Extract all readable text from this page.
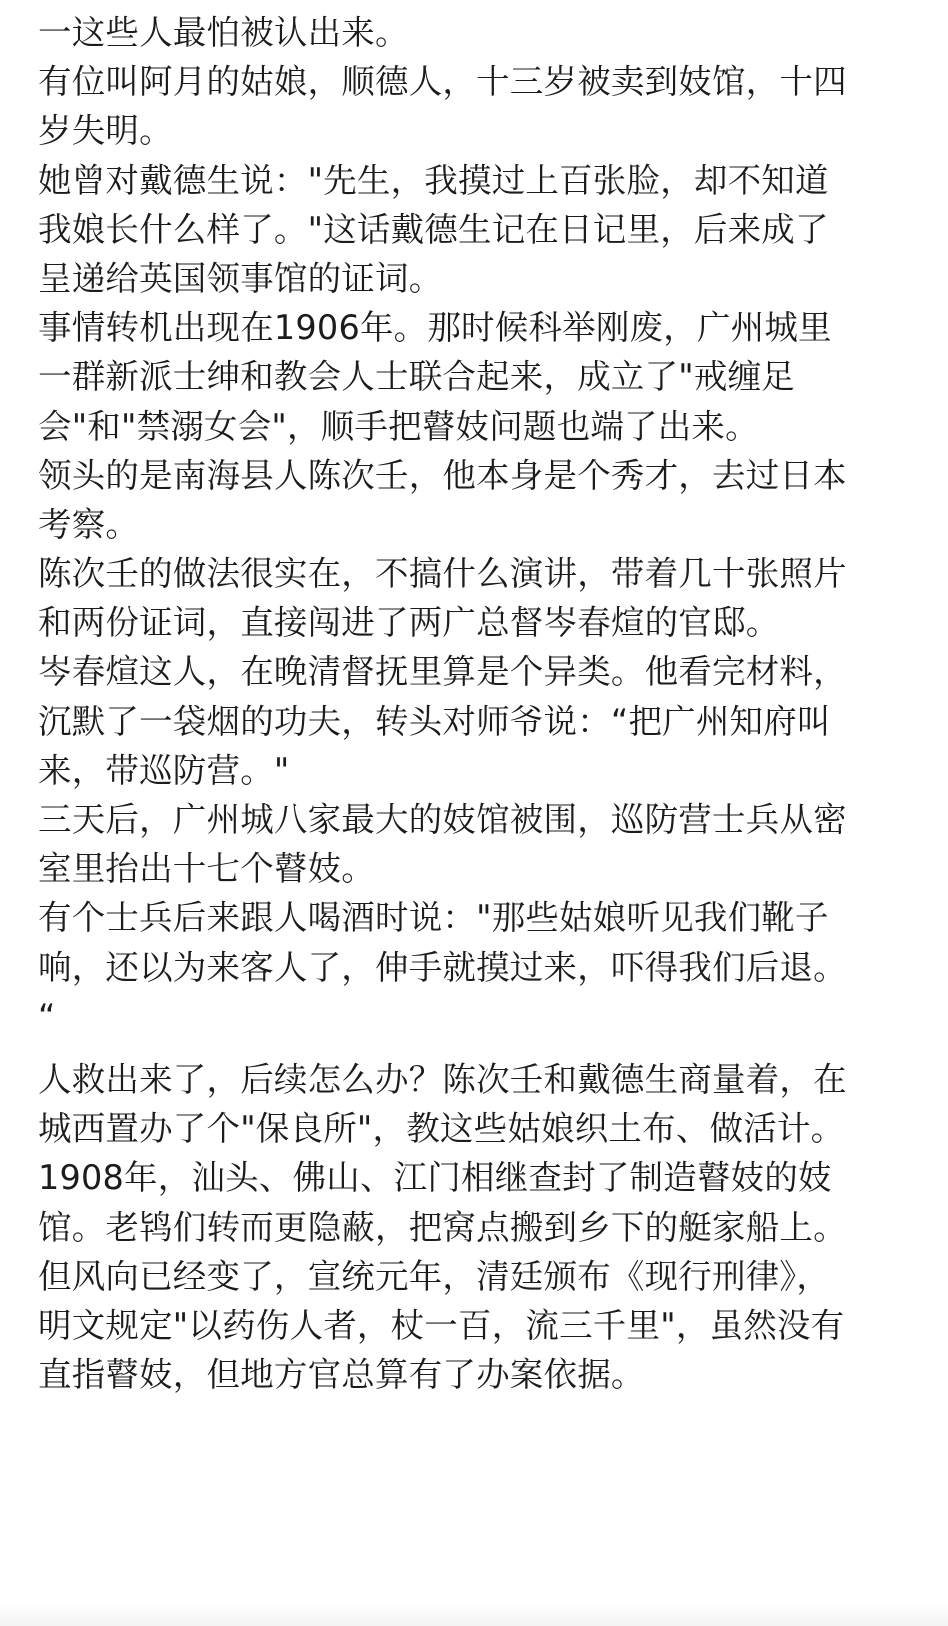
一这些人最怕被认出来。
有位叫阿月的姑娘，顺德人，十三岁被卖到妓馆，十四
岁失明。
她曾对戴德生说："先生，我摸过上百张脸，却不知道
我娘长什么样了。"这话戴德生记在日记里，后来成了
呈递给英国领事馆的证词。
事情转机出现在1906年。那时候科举刚废，广州城里
一群新派士绅和教会人士联合起来，成立了"戒缠足
会"和"禁溺女会"，顺手把瞽妓问题也端了出来。
领头的是南海县人陈次壬，他本身是个秀才，去过日本
考察。
陈次壬的做法很实在，不搞什么演讲，带着几十张照片
和两份证词，直接闯进了两广总督岑春煊的官邸。
岑春煊这人，在晚清督抚里算是个异类。他看完材料，
沉默了一袋烟的功夫，转头对师爷说：“把广州知府叫
来，带巡防营。"
三天后，广州城八家最大的妓馆被围，巡防营士兵从密
室里抬出十七个瞽妓。
有个士兵后来跟人喝酒时说："那些姑娘听见我们靴子
响，还以为来客人了，伸手就摸过来，吓得我们后退。
“
人救出来了，后续怎么办？陈次壬和戴德生商量着，在
城西置办了个"保良所"，教这些姑娘织土布、做活计。
1908年，汕头、佛山、江门相继查封了制造瞽妓的妓
馆。老鸨们转而更隐蔽，把窝点搬到乡下的艇家船上。
但风向已经变了，宣统元年，清廷颁布《现行刑律》，
明文规定"以药伤人者，杖一百，流三千里"，虽然没有
直指瞽妓，但地方官总算有了办案依据。
